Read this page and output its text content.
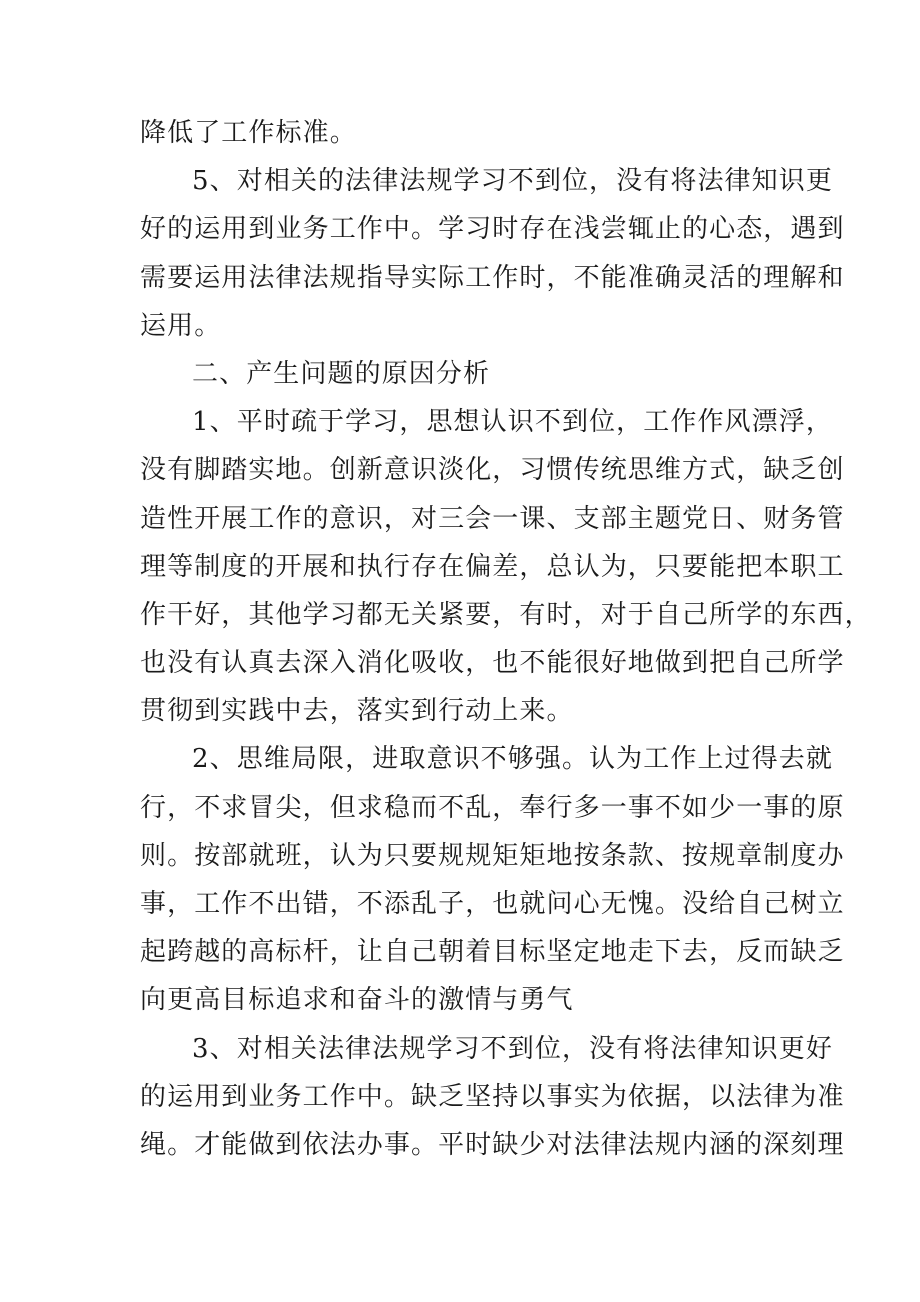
降低了工作标准。
5、对相关的法律法规学习不到位，没有将法律知识更
好的运用到业务工作中。学习时存在浅尝辄止的心态，遇到
需要运用法律法规指导实际工作时，不能准确灵活的理解和
运用。
二、产生问题的原因分析
1、平时疏于学习，思想认识不到位，工作作风漂浮，
没有脚踏实地。创新意识淡化，习惯传统思维方式，缺乏创
造性开展工作的意识，对三会一课、支部主题党日、财务管
理等制度的开展和执行存在偏差，总认为，只要能把本职工
作干好，其他学习都无关紧要，有时，对于自己所学的东西，
也没有认真去深入消化吸收，也不能很好地做到把自己所学
贯彻到实践中去，落实到行动上来。
2、思维局限，进取意识不够强。认为工作上过得去就
行，不求冒尖，但求稳而不乱，奉行多一事不如少一事的原
则。按部就班，认为只要规规矩矩地按条款、按规章制度办
事，工作不出错，不添乱子，也就问心无愧。没给自己树立
起跨越的高标杆，让自己朝着目标坚定地走下去，反而缺乏
向更高目标追求和奋斗的激情与勇气
3、对相关法律法规学习不到位，没有将法律知识更好
的运用到业务工作中。缺乏坚持以事实为依据，以法律为准
绳。才能做到依法办事。平时缺少对法律法规内涵的深刻理
